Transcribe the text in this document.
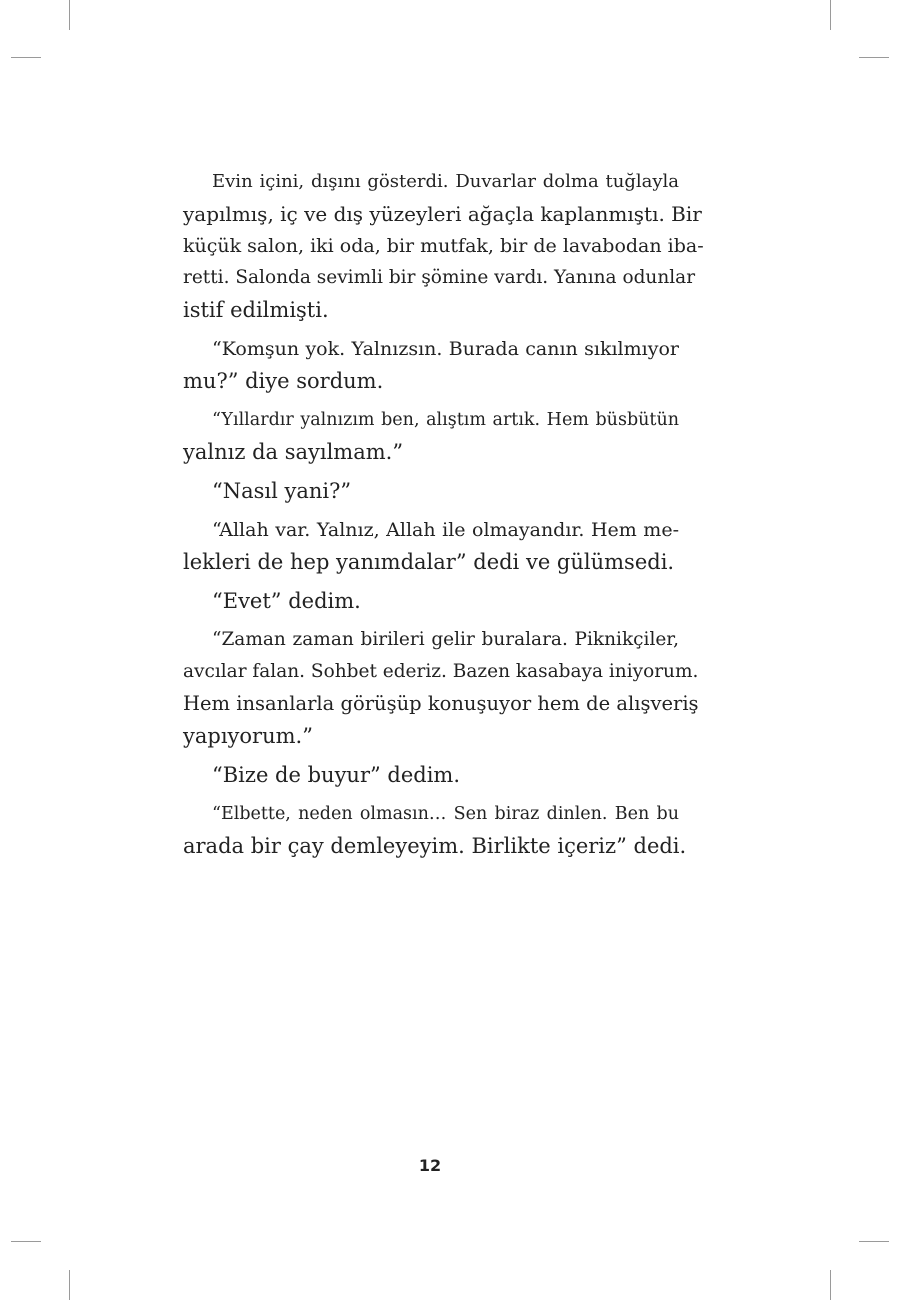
Evin içini, dışını gösterdi. Duvarlar dolma tuğlayla
yapılmış, iç ve dış yüzeyleri ağaçla kaplanmıştı. Bir
küçük salon, iki oda, bir mutfak, bir de lavabodan iba-
retti. Salonda sevimli bir şömine vardı. Yanına odunlar
istif edilmişti.
“Komşun yok. Yalnızsın. Burada canın sıkılmıyor
mu?” diye sordum.
“Yıllardır yalnızım ben, alıştım artık. Hem büsbütün
yalnız da sayılmam.”
“Nasıl yani?”
“Allah var. Yalnız, Allah ile olmayandır. Hem me-
lekleri de hep yanımdalar” dedi ve gülümsedi.
“Evet” dedim.
“Zaman zaman birileri gelir buralara. Piknikçiler,
avcılar falan. Sohbet ederiz. Bazen kasabaya iniyorum.
Hem insanlarla görüşüp konuşuyor hem de alışveriş
yapıyorum.”
“Bize de buyur” dedim.
“Elbette, neden olmasın… Sen biraz dinlen. Ben bu
arada bir çay demleyeyim. Birlikte içeriz” dedi.
12
